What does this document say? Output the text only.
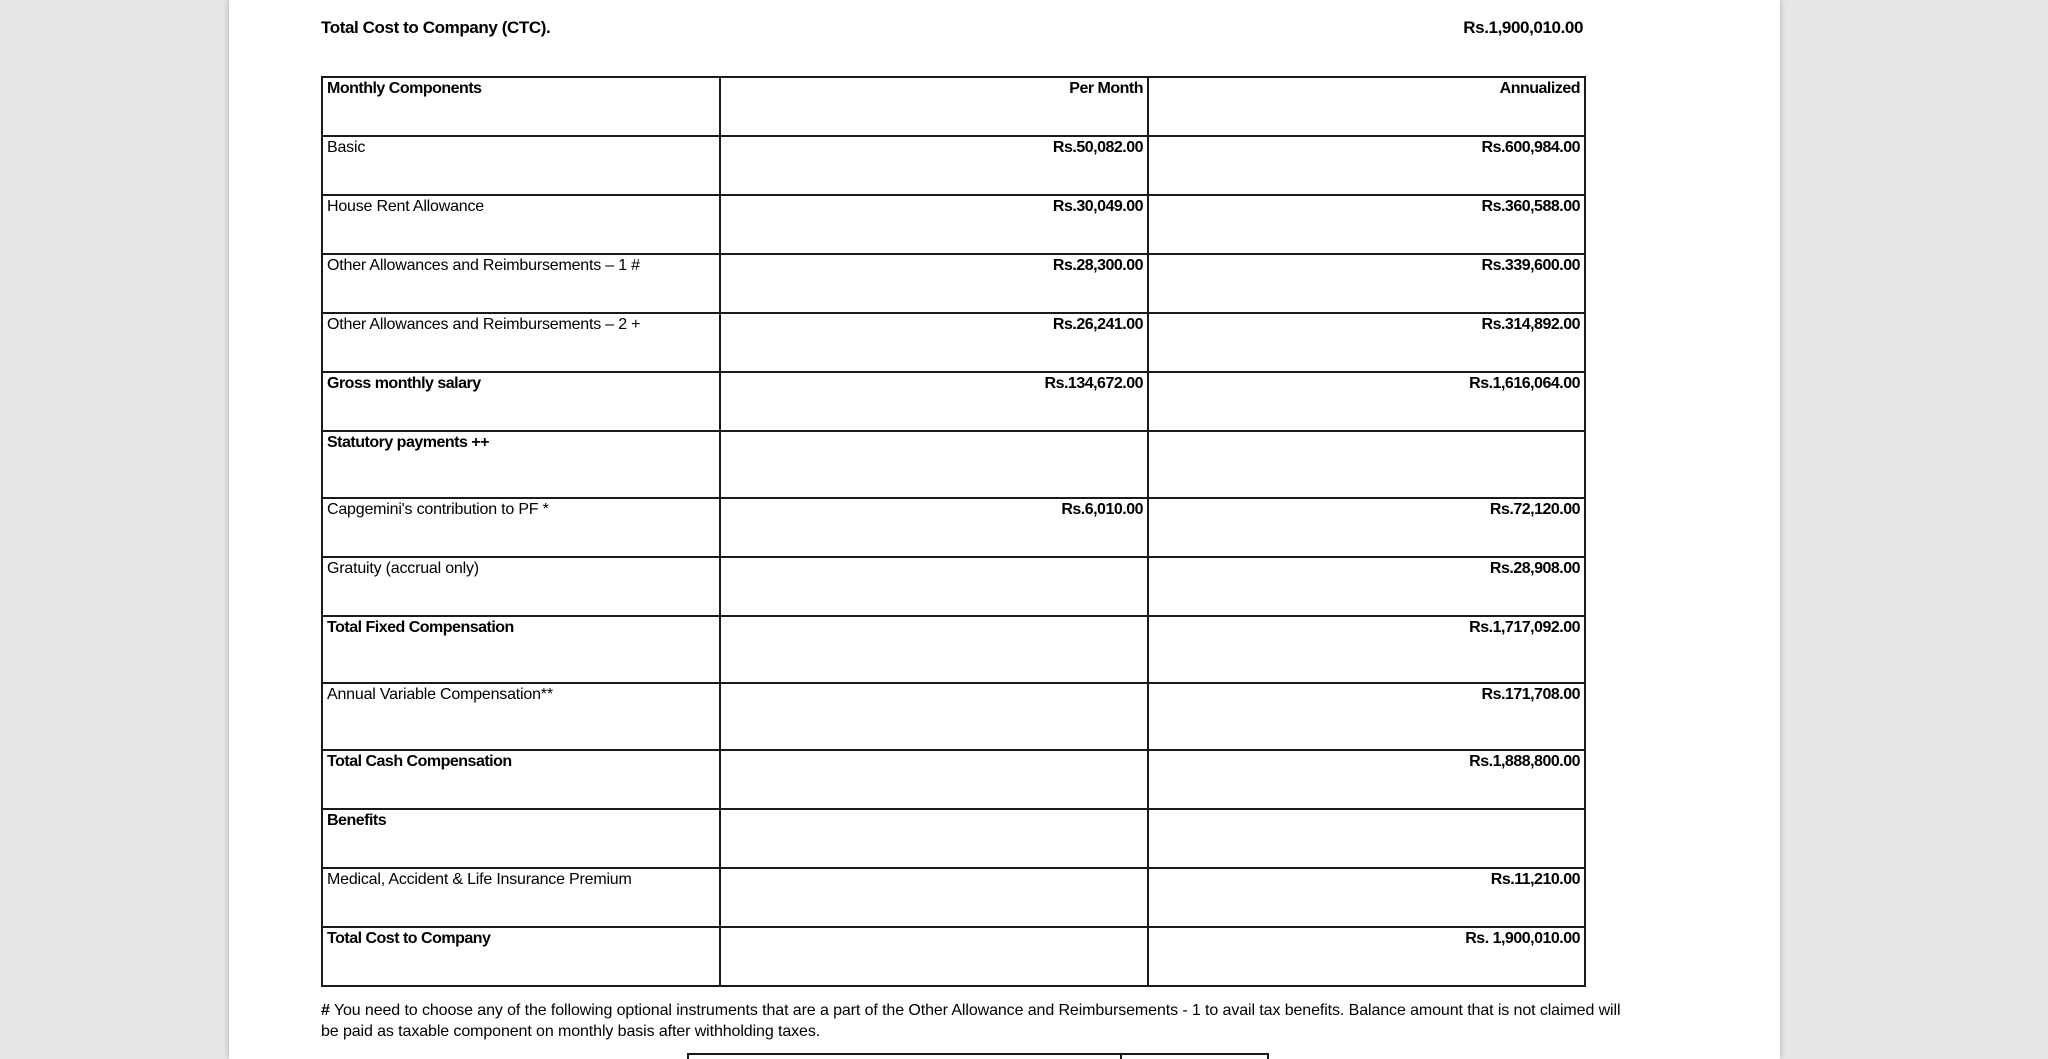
Total Cost to Company (CTC).	Rs.1,900,010.00
Monthly Components	Per Month	Annualized
Basic	Rs.50,082.00	Rs.600,984.00
House Rent Allowance	Rs.30,049.00	Rs.360,588.00
Other Allowances and Reimbursements – 1 #	Rs.28,300.00	Rs.339,600.00
Other Allowances and Reimbursements – 2 +	Rs.26,241.00	Rs.314,892.00
Gross monthly salary	Rs.134,672.00	Rs.1,616,064.00
Statutory payments ++		
Capgemini's contribution to PF *	Rs.6,010.00	Rs.72,120.00
Gratuity (accrual only)		Rs.28,908.00
Total Fixed Compensation		Rs.1,717,092.00
Annual Variable Compensation**		Rs.171,708.00
Total Cash Compensation		Rs.1,888,800.00
Benefits		
Medical, Accident & Life Insurance Premium		Rs.11,210.00
Total Cost to Company		Rs. 1,900,010.00
# You need to choose any of the following optional instruments that are a part of the Other Allowance and Reimbursements - 1 to avail tax benefits. Balance amount that is not claimed will be paid as taxable component on monthly basis after withholding taxes.
